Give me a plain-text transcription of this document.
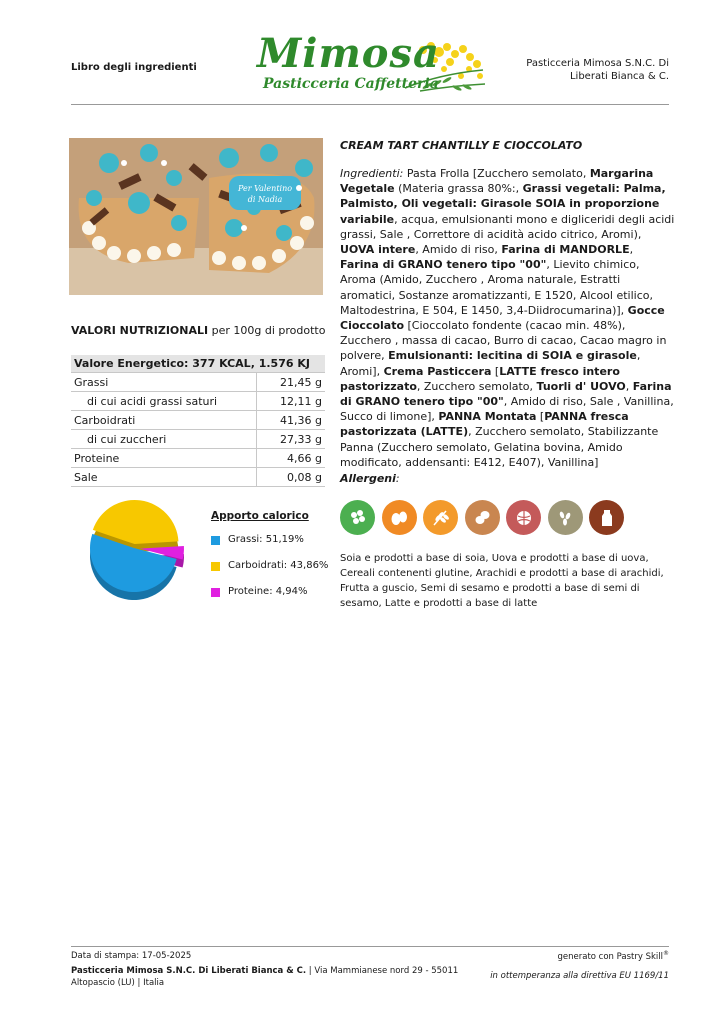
Libro degli ingredienti Mimosa
Pasticceria Caffetteria
Pasticceria Mimosa S.N.C. Di
Liberati Bianca & C.
Per Valentino
di Nadia
VALORI NUTRIZIONALI per 100g di prodotto
Valore Energetico: 377 KCAL, 1.576 KJ	
Grassi	21,45 g
di cui acidi grassi saturi	12,11 g
Carboidrati	41,36 g
di cui zuccheri	27,33 g
Proteine	4,66 g
Sale	0,08 g
Apporto calorico
Grassi: 51,19%
Carboidrati: 43,86%
Proteine: 4,94%
CREAM TART CHANTILLY E CIOCCOLATO
Ingredienti: Pasta Frolla [Zucchero semolato, Margarina Vegetale (Materia grassa 80%:, Grassi vegetali: Palma, Palmisto, Oli vegetali: Girasole SOIA in proporzione variabile, acqua, emulsionanti mono e digliceridi degli acidi grassi, Sale , Correttore di acidità acido citrico, Aromi), UOVA intere, Amido di riso, Farina di MANDORLE, Farina di GRANO tenero tipo "00", Lievito chimico, Aroma (Amido, Zucchero , Aroma naturale, Estratti aromatici, Sostanze aromatizzanti, E 1520, Alcool etilico, Maltodestrina, E 504, E 1450, 3,4-Diidrocumarina)], Gocce Cioccolato [Cioccolato fondente (cacao min. 48%), Zucchero , massa di cacao, Burro di cacao, Cacao magro in polvere, Emulsionanti: lecitina di SOIA e girasole, Aromi], Crema Pasticcera [LATTE fresco intero pastorizzato, Zucchero semolato, Tuorli d' UOVO, Farina di GRANO tenero tipo "00", Amido di riso, Sale , Vanillina, Succo di limone], PANNA Montata [PANNA fresca pastorizzata (LATTE), Zucchero semolato, Stabilizzante Panna (Zucchero semolato, Gelatina bovina, Amido modificato, addensanti: E412, E407), Vanillina]
Allergeni:
Soia e prodotti a base di soia, Uova e prodotti a base di uova, Cereali contenenti glutine, Arachidi e prodotti a base di arachidi, Frutta a guscio, Semi di sesamo e prodotti a base di semi di sesamo, Latte e prodotti a base di latte
Data di stampa: 17-05-2025	generato con Pastry Skill®
Pasticceria Mimosa S.N.C. Di Liberati Bianca & C. | Via Mammianese nord 29 - 55011
Altopascio (LU) | Italia
in ottemperanza alla direttiva EU 1169/11
